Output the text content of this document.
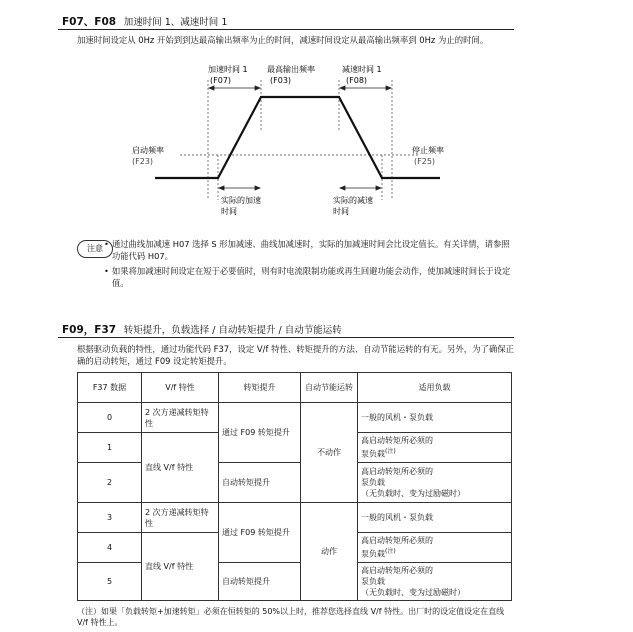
F07、F08 加速时间 1、减速时间 1
加速时间设定从 0Hz 开始到到达最高输出频率为止的时间，减速时间设定从最高输出频率到 0Hz 为止的时间。
加速时间 1
(F07)
最高输出频率
(F03)
减速时间 1
(F08)
启动频率
(F23)
停止频率
(F25)
实际的加速
时间
实际的减速
时间
注意 • 通过曲线加减速 H07 选择 S 形加减速、曲线加减速时，实际的加减速时间会比设定值长。有关详情，请参照功能代码 H07。
• 如果将加减速时间设定在短于必要值时，则有时电流限制功能或再生回避功能会动作，使加减速时间长于设定值。
F09，F37 转矩提升，负载选择 / 自动转矩提升 / 自动节能运转
根据驱动负载的特性，通过功能代码 F37，设定 V/f 特性、转矩提升的方法、自动节能运转的有无。另外，为了确保正确的启动转矩，通过 F09 设定转矩提升。
F37 数据	V/f 特性	转矩提升	自动节能运转	适用负载
0	2 次方递减转矩特性	通过 F09 转矩提升	不动作	一般的风机・泵负载
1	直线 V/f 特性			高启动转矩所必须的
泵负载$^{(注)}$
2		自动转矩提升		高启动转矩所必须的
泵负载
（无负载时、变为过励磁时）
3	2 次方递减转矩特性	通过 F09 转矩提升	动作	一般的风机・泵负载
4	直线 V/f 特性			高启动转矩所必须的
泵负载$^{(注)}$
5		自动转矩提升		高启动转矩所必须的
泵负载
（无负载时、变为过励磁时）
（注）如果「负载转矩+加速转矩」必须在恒转矩的 50%以上时，推荐您选择直线 V/f 特性。出厂时的设定值设定在直线 V/f 特性上。
